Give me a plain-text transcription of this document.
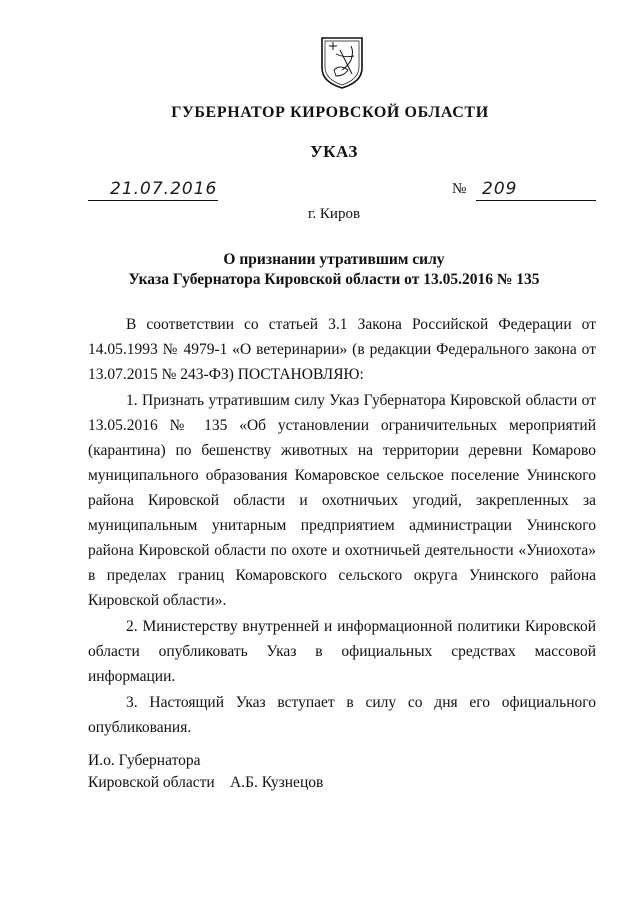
ГУБЕРНАТОР КИРОВСКОЙ ОБЛАСТИ
УКАЗ
21.07.2016	№ 209
г. Киров
О признании утратившим силу
Указа Губернатора Кировской области от 13.05.2016 № 135

В соответствии со статьей 3.1 Закона Российской Федерации от 14.05.1993 № 4979-1 «О ветеринарии» (в редакции Федерального закона от 13.07.2015 № 243-ФЗ) ПОСТАНОВЛЯЮ:

1. Признать утратившим силу Указ Губернатора Кировской области от 13.05.2016 № 135 «Об установлении ограничительных мероприятий (карантина) по бешенству животных на территории деревни Комарово муниципального образования Комаровское сельское поселение Унинского района Кировской области и охотничьих угодий, закрепленных за муниципальным унитарным предприятием администрации Унинского района Кировской области по охоте и охотничьей деятельности «Униохота» в пределах границ Комаровского сельского округа Унинского района Кировской области».

2. Министерству внутренней и информационной политики Кировской области опубликовать Указ в официальных средствах массовой информации.

3. Настоящий Указ вступает в силу со дня его официального опубликования.

И.о. Губернатора
Кировской области А.Б. Кузнецов
